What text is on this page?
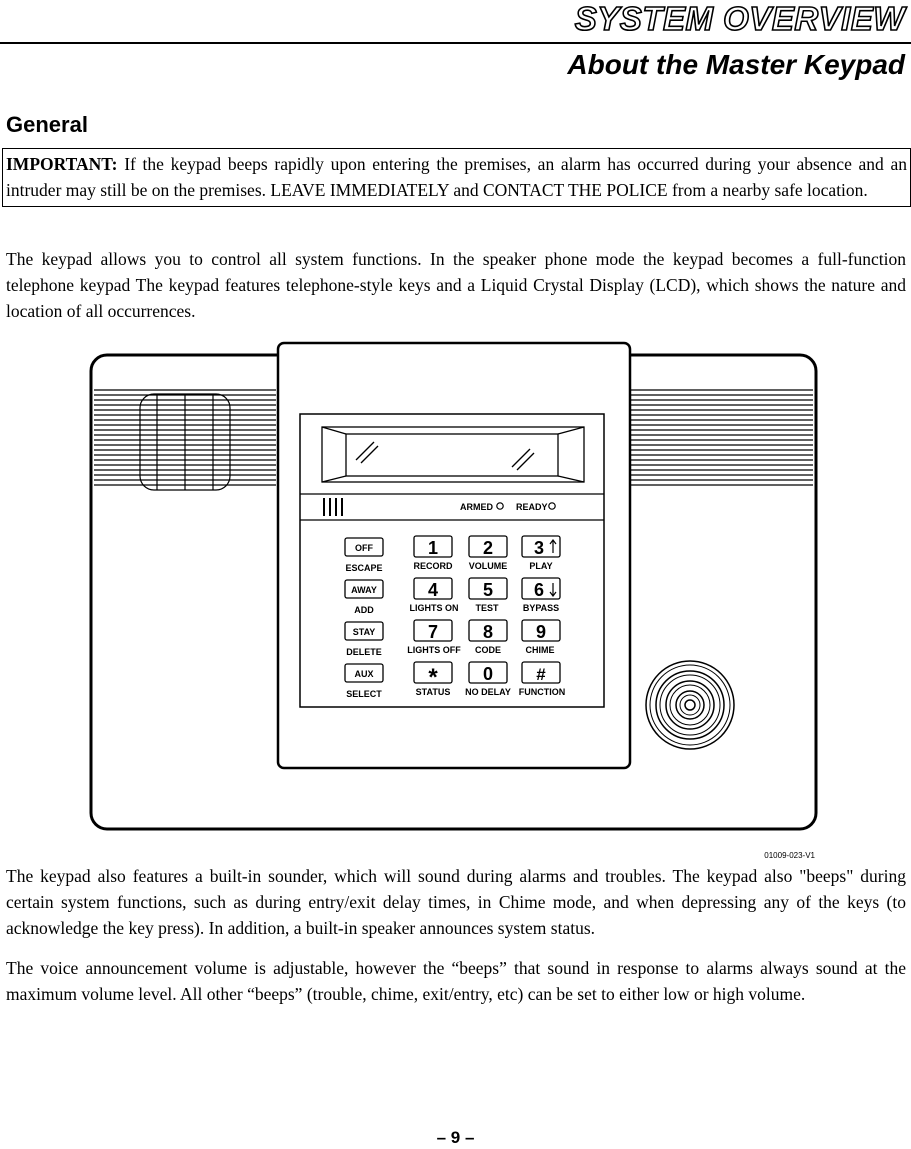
SYSTEM OVERVIEW
About the Master Keypad
General
IMPORTANT: If the keypad beeps rapidly upon entering the premises, an alarm has occurred during your absence and an intruder may still be on the premises. LEAVE IMMEDIATELY and CONTACT THE POLICE from a nearby safe location.

The keypad allows you to control all system functions. In the speaker phone mode the keypad becomes a full-function telephone keypad The keypad features telephone-style keys and a Liquid Crystal Display (LCD), which shows the nature and location of all occurrences.

ARMED	READY
OFF
ESCAPE
AWAY
ADD
STAY
DELETE
AUX
SELECT
1
RECORD
2
VOLUME
3
PLAY
4
LIGHTS ON
5
TEST
6
BYPASS
7
LIGHTS OFF
8
CODE
9
CHIME
*
STATUS
0
NO DELAY
#
FUNCTION
01009-023-V1

The keypad also features a built-in sounder, which will sound during alarms and troubles. The keypad also "beeps" during certain system functions, such as during entry/exit delay times, in Chime mode, and when depressing any of the keys (to acknowledge the key press). In addition, a built-in speaker announces system status.

The voice announcement volume is adjustable, however the “beeps” that sound in response to alarms always sound at the maximum volume level. All other “beeps” (trouble, chime, exit/entry, etc) can be set to either low or high volume.

– 9 –
